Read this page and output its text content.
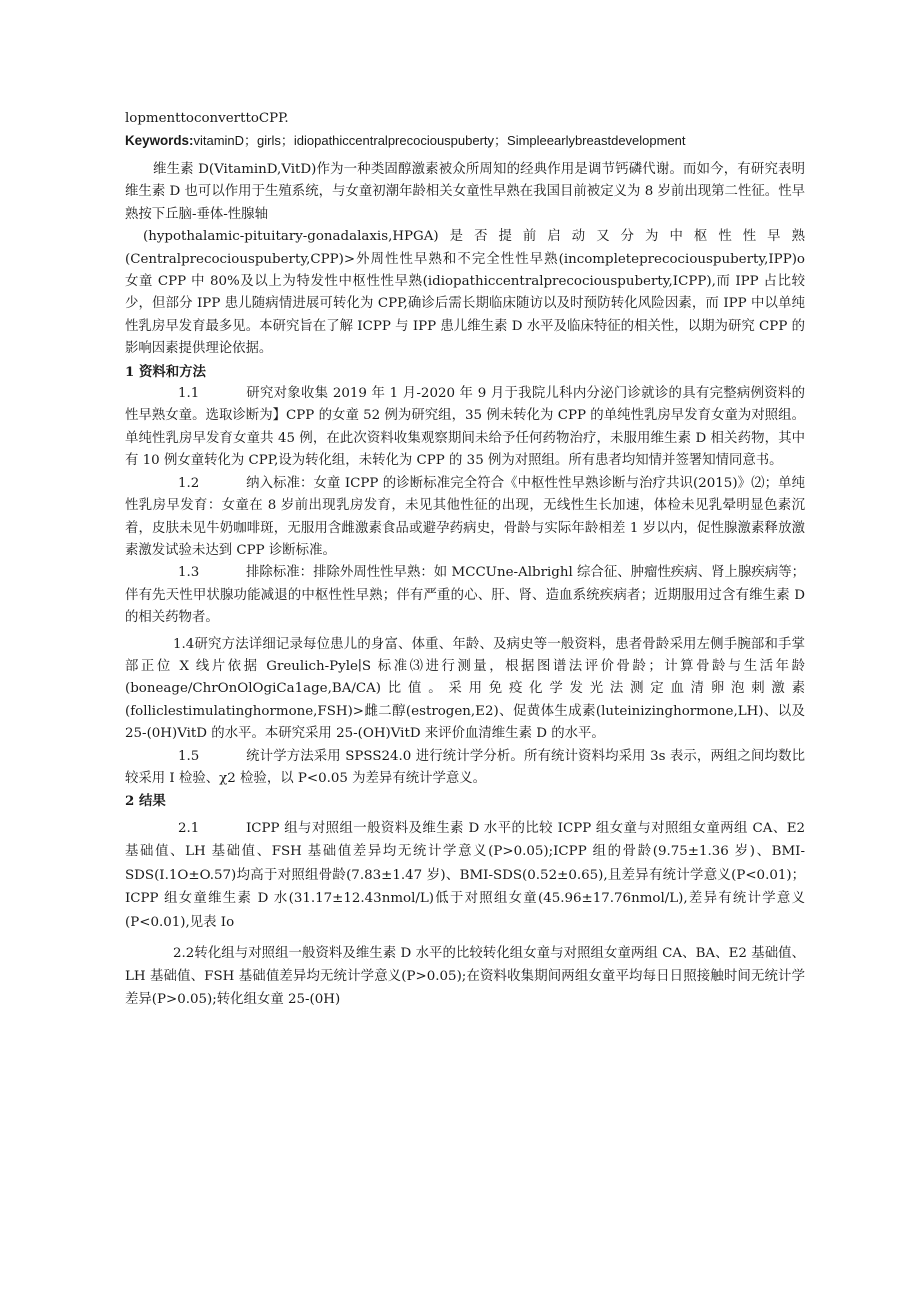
lopmenttoconverttoCPP.
Keywords:vitaminD；girls；idiopathiccentralprecociouspuberty；Simpleearlybreastdevelopment

维生素 D(VitaminD,VitD)作为一种类固醇激素被众所周知的经典作用是调节钙磷代谢。而如今，有研究表明维生素 D 也可以作用于生殖系统，与女童初潮年龄相关女童性早熟在我国目前被定义为 8 岁前出现第二性征。性早熟按下丘脑-垂体-性腺轴

(hypothalamic-pituitary-gonadalaxis,HPGA)是否提前启动又分为中枢性性早熟(Centralprecociouspuberty,CPP)>外周性性早熟和不完全性性早熟(incompleteprecociouspuberty,IPP)o 女童 CPP 中 80%及以上为特发性中枢性性早熟(idiopathiccentralprecociouspuberty,ICPP),而 IPP 占比较少，但部分 IPP 患儿随病情进展可转化为 CPP,确诊后需长期临床随访以及时预防转化风险因素，而 IPP 中以单纯性乳房早发育最多见。本研究旨在了解 ICPP 与 IPP 患儿维生素 D 水平及临床特征的相关性，以期为研究 CPP 的影响因素提供理论依据。

1 资料和方法

1.1	研究对象收集 2019 年 1 月-2020 年 9 月于我院儿科内分泌门诊就诊的具有完整病例资料的性早熟女童。选取诊断为】CPP 的女童 52 例为研究组，35 例未转化为 CPP 的单纯性乳房早发育女童为对照组。单纯性乳房早发育女童共 45 例，在此次资料收集观察期间未给予任何药物治疗，未服用维生素 D 相关药物，其中有 10 例女童转化为 CPP,设为转化组，未转化为 CPP 的 35 例为对照组。所有患者均知情并签署知情同意书。

1.2	纳入标准：女童 ICPP 的诊断标准完全符合《中枢性性早熟诊断与治疗共识(2015)》⑵；单纯性乳房早发育：女童在 8 岁前出现乳房发育，未见其他性征的出现，无线性生长加速，体检未见乳晕明显色素沉着，皮肤未见牛奶咖啡斑，无服用含雌激素食品或避孕药病史，骨龄与实际年龄相差 1 岁以内，促性腺激素释放激素激发试验未达到 CPP 诊断标准。

1.3	排除标准：排除外周性性早熟：如 MCCUne-Albrighl 综合征、肿瘤性疾病、肾上腺疾病等；伴有先天性甲状腺功能减退的中枢性性早熟；伴有严重的心、肝、肾、造血系统疾病者；近期服用过含有维生素 D 的相关药物者。

1.4研究方法详细记录每位患儿的身富、体重、年龄、及病史等一般资料，患者骨龄采用左侧手腕部和手掌部正位 X 线片依据 Greulich-Pyle∣S 标准⑶进行测量，根据图谱法评价骨龄；计算骨龄与生活年龄(boneage/ChrOnOlOgiCa1age,BA/CA)比值。采用免疫化学发光法测定血清卵泡刺激素(folliclestimulatinghormone,FSH)>雌二醇(estrogen,E2)、促黄体生成素(luteinizinghormone,LH)、以及 25-(0H)VitD 的水平。本研究采用 25-(OH)VitD 来评价血清维生素 D 的水平。

1.5	统计学方法采用 SPSS24.0 进行统计学分析。所有统计资料均采用 3s 表示，两组之间均数比较采用 I 检验、χ2 检验，以 P<0.05 为差异有统计学意义。

2 结果

2.1	ICPP 组与对照组一般资料及维生素 D 水平的比较 ICPP 组女童与对照组女童两组 CA、E2 基础值、LH 基础值、FSH 基础值差异均无统计学意义(P>0.05);ICPP 组的骨龄(9.75±1.36 岁)、BMI-SDS(I.1O±O.57)均高于对照组骨龄(7.83±1.47 岁)、BMI-SDS(0.52±0.65),且差异有统计学意义(P<0.01)；ICPP 组女童维生素 D 水(31.17±12.43nmol∕L)低于对照组女童(45.96±17.76nmol∕L),差异有统计学意义(P<0.01),见表 Io

2.2转化组与对照组一般资料及维生素 D 水平的比较转化组女童与对照组女童两组 CA、BA、E2 基础值、LH 基础值、FSH 基础值差异均无统计学意义(P>0.05);在资料收集期间两组女童平均每日日照接触时间无统计学差异(P>0.05);转化组女童 25-(0H)
